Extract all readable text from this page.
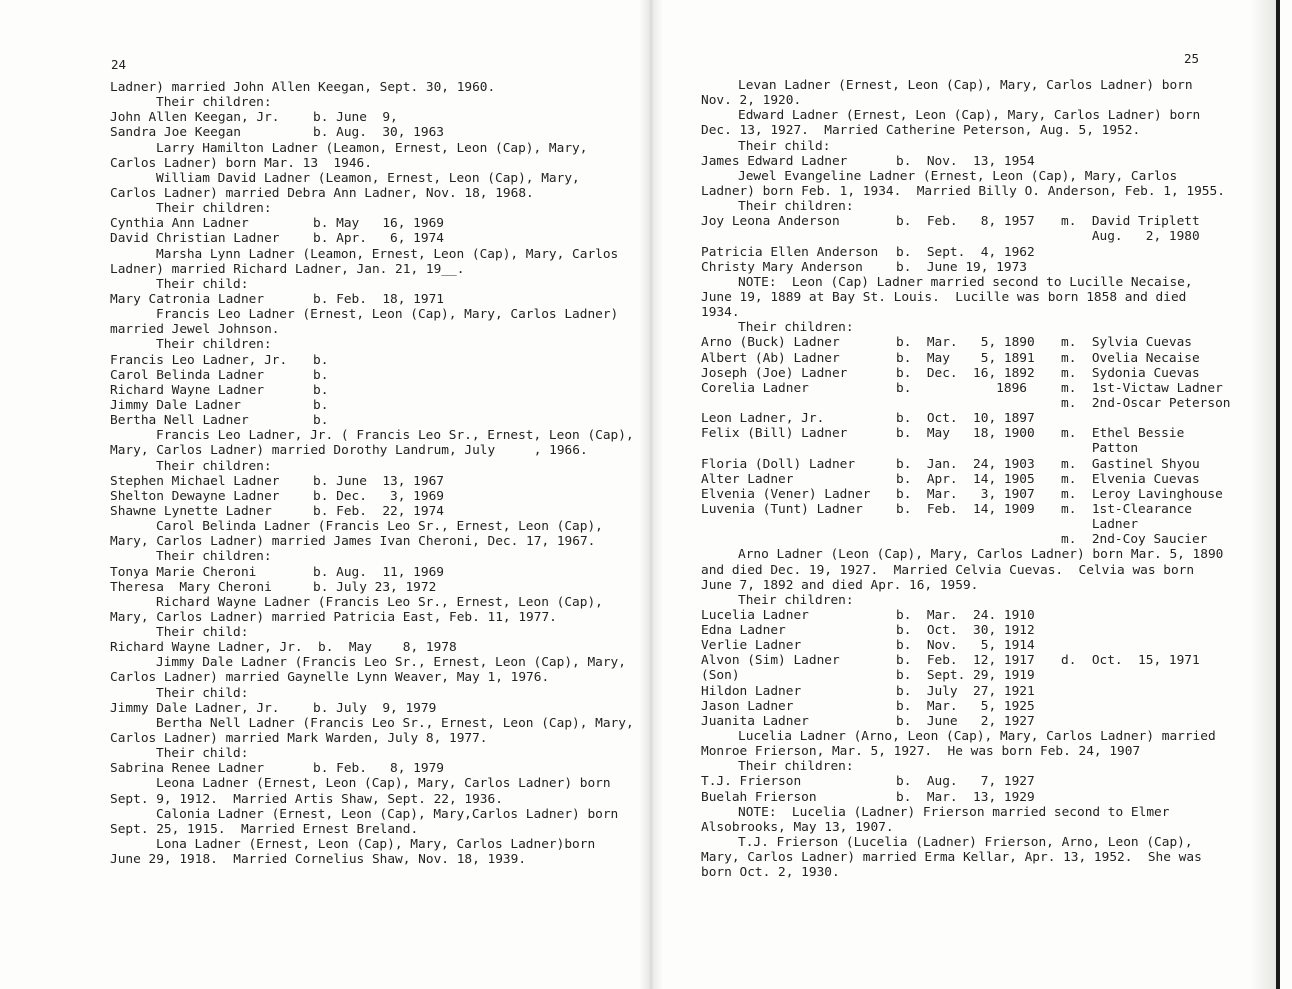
24
Ladner) married John Allen Keegan, Sept. 30, 1960.
Their children:
John Allen Keegan, Jr.	b. June  9,
Sandra Joe Keegan	b. Aug.  30, 1963
Larry Hamilton Ladner (Leamon, Ernest, Leon (Cap), Mary,
Carlos Ladner) born Mar. 13  1946.
William David Ladner (Leamon, Ernest, Leon (Cap), Mary,
Carlos Ladner) married Debra Ann Ladner, Nov. 18, 1968.
Their children:
Cynthia Ann Ladner	b. May   16, 1969
David Christian Ladner	b. Apr.   6, 1974
Marsha Lynn Ladner (Leamon, Ernest, Leon (Cap), Mary, Carlos
Ladner) married Richard Ladner, Jan. 21, 19__.
Their child:
Mary Catronia Ladner	b. Feb.  18, 1971
Francis Leo Ladner (Ernest, Leon (Cap), Mary, Carlos Ladner)
married Jewel Johnson.
Their children:
Francis Leo Ladner, Jr. b.
Carol Belinda Ladner	b.
Richard Wayne Ladner	b.
Jimmy Dale Ladner	b.
Bertha Nell Ladner	b.
Francis Leo Ladner, Jr. ( Francis Leo Sr., Ernest, Leon (Cap),
Mary, Carlos Ladner) married Dorothy Landrum, July     , 1966.
Their children:
Stephen Michael Ladner	b. June  13, 1967
Shelton Dewayne Ladner	b. Dec.   3, 1969
Shawne Lynette Ladner	b. Feb.  22, 1974
Carol Belinda Ladner (Francis Leo Sr., Ernest, Leon (Cap),
Mary, Carlos Ladner) married James Ivan Cheroni, Dec. 17, 1967.
Their children:
Tonya Marie Cheroni	b. Aug.  11, 1969
Theresa  Mary Cheroni	b. July 23, 1972
Richard Wayne Ladner (Francis Leo Sr., Ernest, Leon (Cap),
Mary, Carlos Ladner) married Patricia East, Feb. 11, 1977.
Their child:
Richard Wayne Ladner, Jr.  b.  May    8, 1978
Jimmy Dale Ladner (Francis Leo Sr., Ernest, Leon (Cap), Mary,
Carlos Ladner) married Gaynelle Lynn Weaver, May 1, 1976.
Their child:
Jimmy Dale Ladner, Jr.	b. July  9, 1979
Bertha Nell Ladner (Francis Leo Sr., Ernest, Leon (Cap), Mary,
Carlos Ladner) married Mark Warden, July 8, 1977.
Their child:
Sabrina Renee Ladner	b. Feb.   8, 1979
Leona Ladner (Ernest, Leon (Cap), Mary, Carlos Ladner) born
Sept. 9, 1912.  Married Artis Shaw, Sept. 22, 1936.
Calonia Ladner (Ernest, Leon (Cap), Mary,Carlos Ladner) born
Sept. 25, 1915.  Married Ernest Breland.
Lona Ladner (Ernest, Leon (Cap), Mary, Carlos Ladner)born
June 29, 1918.  Married Cornelius Shaw, Nov. 18, 1939.
25
Levan Ladner (Ernest, Leon (Cap), Mary, Carlos Ladner) born
Nov. 2, 1920.
Edward Ladner (Ernest, Leon (Cap), Mary, Carlos Ladner) born
Dec. 13, 1927.  Married Catherine Peterson, Aug. 5, 1952.
Their child:
James Edward Ladner	b.  Nov.  13, 1954
Jewel Evangeline Ladner (Ernest, Leon (Cap), Mary, Carlos
Ladner) born Feb. 1, 1934.  Married Billy O. Anderson, Feb. 1, 1955.
Their children:
Joy Leona Anderson	b.  Feb.   8, 1957 m.  David Triplett
Aug.   2, 1980
Patricia Ellen Anderson b.  Sept.  4, 1962
Christy Mary Anderson	b.  June 19, 1973
NOTE:  Leon (Cap) Ladner married second to Lucille Necaise,
June 19, 1889 at Bay St. Louis.  Lucille was born 1858 and died
1934.
Their children:
Arno (Buck) Ladner	b.  Mar.   5, 1890 m.  Sylvia Cuevas
Albert (Ab) Ladner	b.  May    5, 1891 m.  Ovelia Necaise
Joseph (Joe) Ladner	b.  Dec.  16, 1892 m.  Sydonia Cuevas
Corelia Ladner	b.           1896	m.  1st-Victaw Ladner
m.  2nd-Oscar Peterson
Leon Ladner, Jr.	b.  Oct.  10, 1897
Felix (Bill) Ladner	b.  May   18, 1900 m.  Ethel Bessie
Patton
Floria (Doll) Ladner	b.  Jan.  24, 1903 m.  Gastinel Shyou
Alter Ladner	b.  Apr.  14, 1905 m.  Elvenia Cuevas
Elvenia (Vener) Ladner b.  Mar.   3, 1907 m.  Leroy Lavinghouse
Luvenia (Tunt) Ladner	b.  Feb.  14, 1909 m.  1st-Clearance
Ladner
m.  2nd-Coy Saucier
Arno Ladner (Leon (Cap), Mary, Carlos Ladner) born Mar. 5, 1890
and died Dec. 19, 1927.  Married Celvia Cuevas.  Celvia was born
June 7, 1892 and died Apr. 16, 1959.
Their children:
Lucelia Ladner	b.  Mar.  24. 1910
Edna Ladner	b.  Oct.  30, 1912
Verlie Ladner	b.  Nov.   5, 1914
Alvon (Sim) Ladner	b.  Feb.  12, 1917 d.  Oct.  15, 1971
(Son)	b.  Sept. 29, 1919
Hildon Ladner	b.  July  27, 1921
Jason Ladner	b.  Mar.   5, 1925
Juanita Ladner	b.  June   2, 1927
Lucelia Ladner (Arno, Leon (Cap), Mary, Carlos Ladner) married
Monroe Frierson, Mar. 5, 1927.  He was born Feb. 24, 1907
Their children:
T.J. Frierson	b.  Aug.   7, 1927
Buelah Frierson	b.  Mar.  13, 1929
NOTE:  Lucelia (Ladner) Frierson married second to Elmer
Alsobrooks, May 13, 1907.
T.J. Frierson (Lucelia (Ladner) Frierson, Arno, Leon (Cap),
Mary, Carlos Ladner) married Erma Kellar, Apr. 13, 1952.  She was
born Oct. 2, 1930.
